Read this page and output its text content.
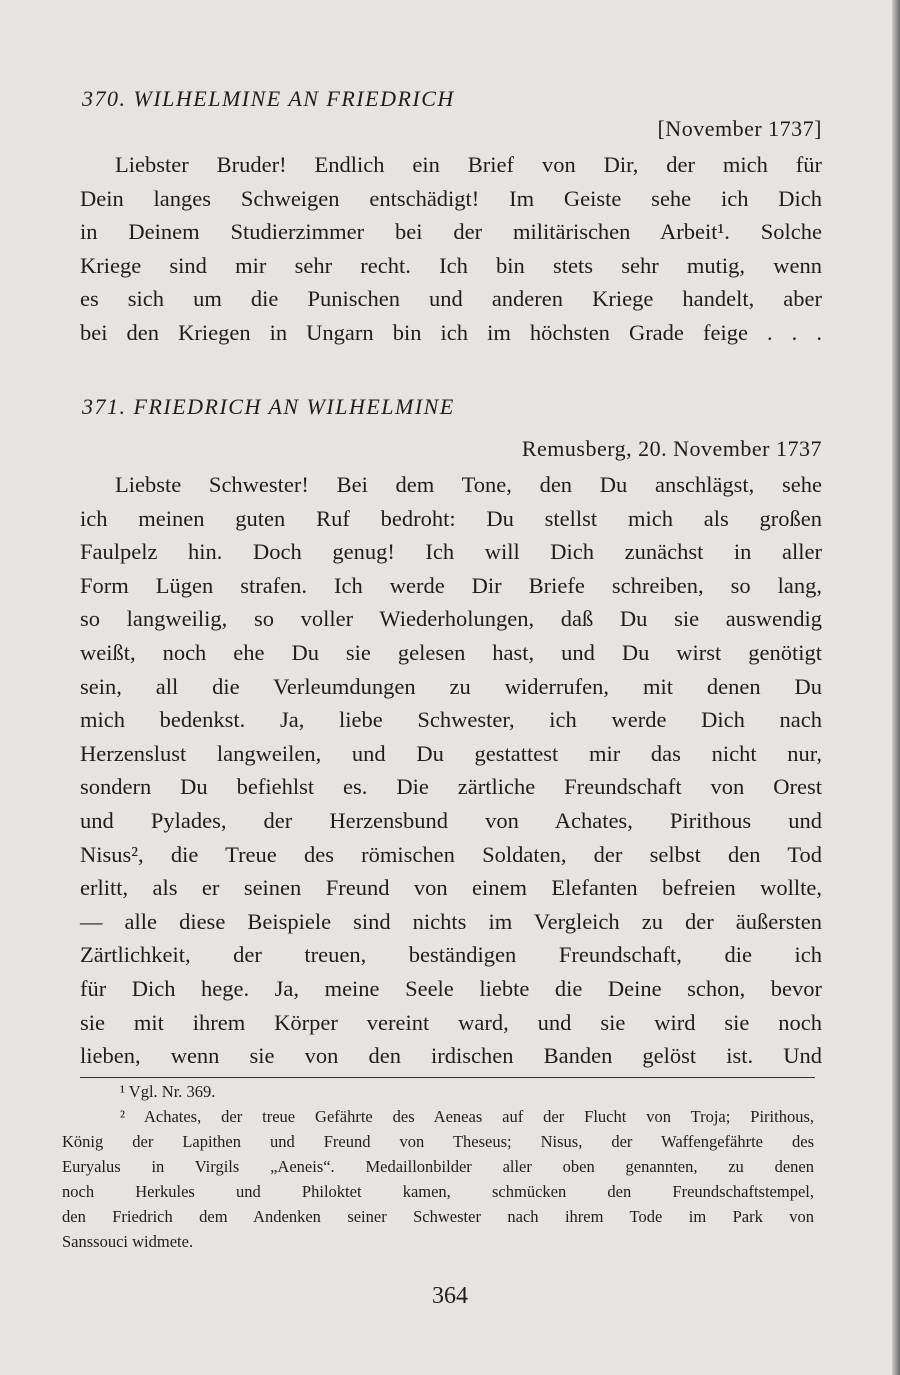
370. WILHELMINE AN FRIEDRICH
[November 1737]
Liebster Bruder! Endlich ein Brief von Dir, der mich für
Dein langes Schweigen entschädigt! Im Geiste sehe ich Dich
in Deinem Studierzimmer bei der militärischen Arbeit¹. Solche
Kriege sind mir sehr recht. Ich bin stets sehr mutig, wenn
es sich um die Punischen und anderen Kriege handelt, aber
bei den Kriegen in Ungarn bin ich im höchsten Grade feige . . .
371. FRIEDRICH AN WILHELMINE
Remusberg, 20. November 1737
Liebste Schwester! Bei dem Tone, den Du anschlägst, sehe
ich meinen guten Ruf bedroht: Du stellst mich als großen
Faulpelz hin. Doch genug! Ich will Dich zunächst in aller
Form Lügen strafen. Ich werde Dir Briefe schreiben, so lang,
so langweilig, so voller Wiederholungen, daß Du sie auswendig
weißt, noch ehe Du sie gelesen hast, und Du wirst genötigt
sein, all die Verleumdungen zu widerrufen, mit denen Du
mich bedenkst. Ja, liebe Schwester, ich werde Dich nach
Herzenslust langweilen, und Du gestattest mir das nicht nur,
sondern Du befiehlst es. Die zärtliche Freundschaft von Orest
und Pylades, der Herzensbund von Achates, Pirithous und
Nisus², die Treue des römischen Soldaten, der selbst den Tod
erlitt, als er seinen Freund von einem Elefanten befreien wollte,
— alle diese Beispiele sind nichts im Vergleich zu der äußersten
Zärtlichkeit, der treuen, beständigen Freundschaft, die ich
für Dich hege. Ja, meine Seele liebte die Deine schon, bevor
sie mit ihrem Körper vereint ward, und sie wird sie noch
lieben, wenn sie von den irdischen Banden gelöst ist. Und
¹ Vgl. Nr. 369.
² Achates, der treue Gefährte des Aeneas auf der Flucht von Troja; Pirithous,
König der Lapithen und Freund von Theseus; Nisus, der Waffengefährte des
Euryalus in Virgils „Aeneis“. Medaillonbilder aller oben genannten, zu denen
noch Herkules und Philoktet kamen, schmücken den Freundschaftstempel,
den Friedrich dem Andenken seiner Schwester nach ihrem Tode im Park von
Sanssouci widmete.
364
